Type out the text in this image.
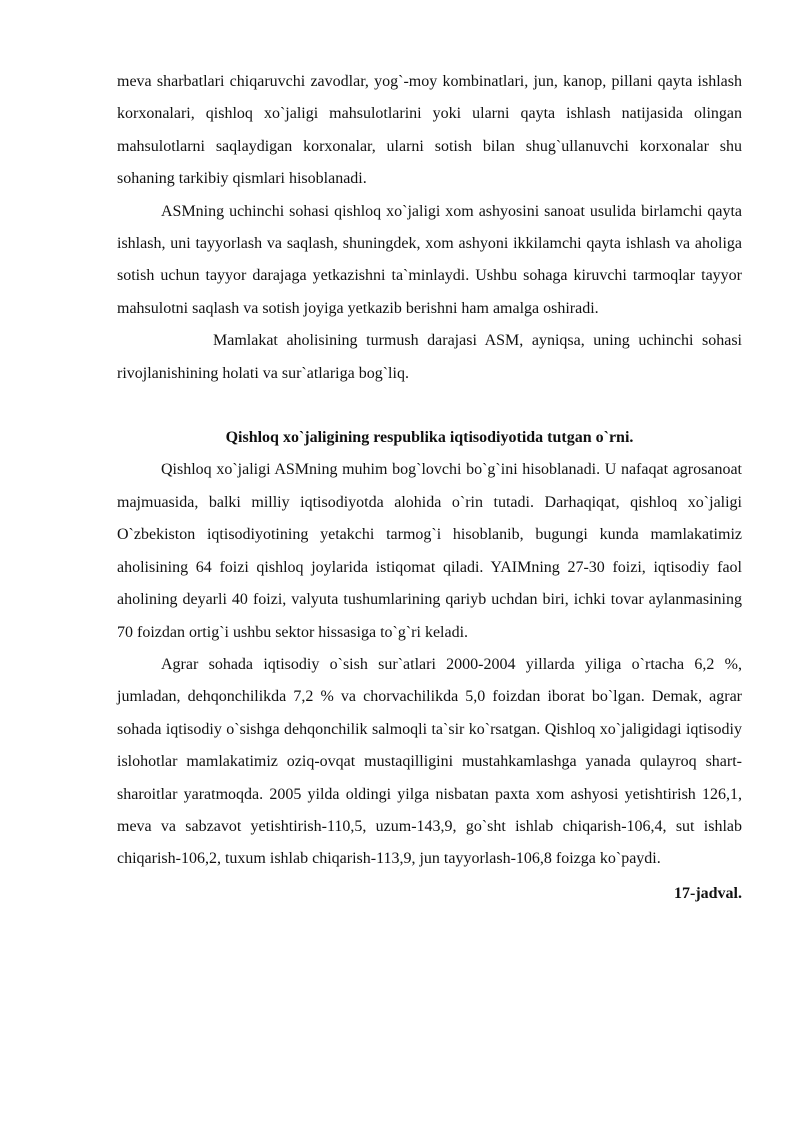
meva sharbatlari chiqaruvchi zavodlar, yog`-moy kombinatlari, jun, kanop, pillani qayta ishlash korxonalari, qishloq xo`jaligi mahsulotlarini yoki ularni qayta ishlash natijasida olingan mahsulotlarni saqlaydigan korxonalar, ularni sotish bilan shug`ullanuvchi korxonalar shu sohaning tarkibiy qismlari hisoblanadi.

ASMning uchinchi sohasi qishloq xo`jaligi xom ashyosini sanoat usulida birlamchi qayta ishlash, uni tayyorlash va saqlash, shuningdek, xom ashyoni ikkilamchi qayta ishlash va aholiga sotish uchun tayyor darajaga yetkazishni ta`minlaydi. Ushbu sohaga kiruvchi tarmoqlar tayyor mahsulotni saqlash va sotish joyiga yetkazib berishni ham amalga oshiradi.

Mamlakat aholisining turmush darajasi ASM, ayniqsa, uning uchinchi sohasi rivojlanishining holati va sur`atlariga bog`liq.

Qishloq xo`jaligining respublika iqtisodiyotida tutgan o`rni.

Qishloq xo`jaligi ASMning muhim bog`lovchi bo`g`ini hisoblanadi. U nafaqat agrosanoat majmuasida, balki milliy iqtisodiyotda alohida o`rin tutadi. Darhaqiqat, qishloq xo`jaligi O`zbekiston iqtisodiyotining yetakchi tarmog`i hisoblanib, bugungi kunda mamlakatimiz aholisining 64 foizi qishloq joylarida istiqomat qiladi. YAIMning 27-30 foizi, iqtisodiy faol aholining deyarli 40 foizi, valyuta tushumlarining qariyb uchdan biri, ichki tovar aylanmasining 70 foizdan ortig`i ushbu sektor hissasiga to`g`ri keladi.

Agrar sohada iqtisodiy o`sish sur`atlari 2000-2004 yillarda yiliga o`rtacha 6,2 %, jumladan, dehqonchilikda 7,2 % va chorvachilikda 5,0 foizdan iborat bo`lgan. Demak, agrar sohada iqtisodiy o`sishga dehqonchilik salmoqli ta`sir ko`rsatgan. Qishloq xo`jaligidagi iqtisodiy islohotlar mamlakatimiz oziq-ovqat mustaqilligini mustahkamlashga yanada qulayroq shart-sharoitlar yaratmoqda. 2005 yilda oldingi yilga nisbatan paxta xom ashyosi yetishtirish 126,1, meva va sabzavot yetishtirish-110,5, uzum-143,9, go`sht ishlab chiqarish-106,4, sut ishlab chiqarish-106,2, tuxum ishlab chiqarish-113,9, jun tayyorlash-106,8 foizga ko`paydi.

17-jadval.
